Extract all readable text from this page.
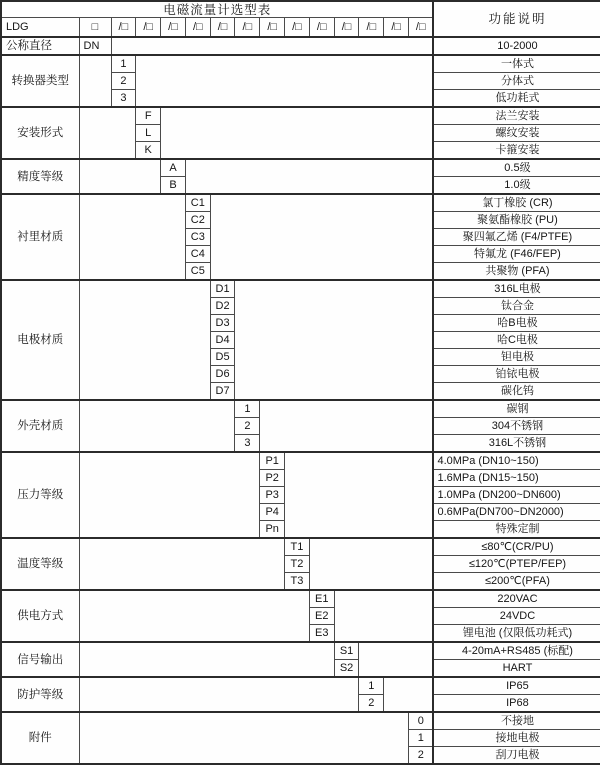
电磁流量计选型表															功能说明
LDG	□	/□	/□	/□	/□	/□	/□	/□	/□	/□	/□	/□	/□	/□	
公称直径	DN														10-2000
转换器类型		1													一体式
		2													分体式
		3													低功耗式
安装形式			F												法兰安装
			L												螺纹安装
			K												卡箍安装
精度等级				A											0.5级
				B											1.0级
衬里材质					C1										氯丁橡胶 (CR)
					C2										聚氨酯橡胶 (PU)
					C3										聚四氟乙烯 (F4/PTFE)
					C4										特氟龙 (F46/FEP)
					C5										共聚物 (PFA)
电极材质						D1									316L电极
						D2									钛合金
						D3									哈B电极
						D4									哈C电极
						D5									钽电极
						D6									铂铱电极
						D7									碳化钨
外壳材质							1								碳钢
							2								304不锈钢
							3								316L不锈钢
压力等级								P1							4.0MPa (DN10~150)
								P2							1.6MPa (DN15~150)
								P3							1.0MPa (DN200~DN600)
								P4							0.6MPa(DN700~DN2000)
								Pn							特殊定制
温度等级									T1						≤80℃(CR/PU)
									T2						≤120℃(PTEP/FEP)
									T3						≤200℃(PFA)
供电方式										E1					220VAC
										E2					24VDC
										E3					锂电池 (仅限低功耗式)
信号输出											S1				4-20mA+RS485 (标配)
											S2				HART
防护等级												1			IP65
												2			IP68
附件														0	不接地
														1	接地电极
														2	刮刀电极
